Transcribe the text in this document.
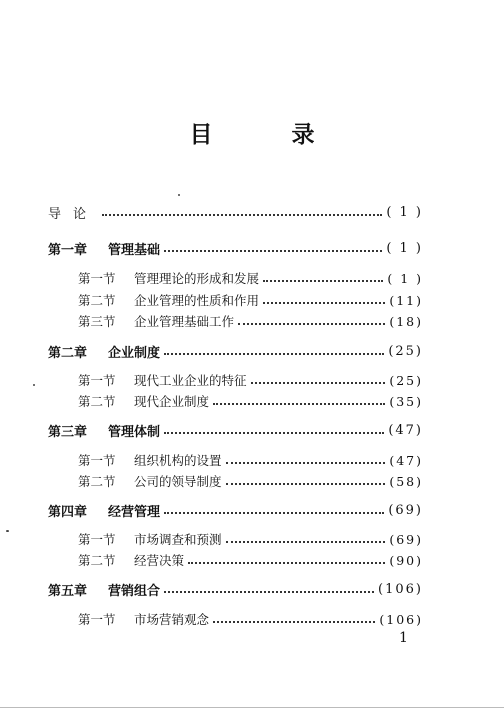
目　录
导论	( 1 )
第一章 管理基础	( 1 )
第一节 管理理论的形成和发展	( 1 )
第二节 企业管理的性质和作用	(11)
第三节 企业管理基础工作	(18)
第二章 企业制度	(25)
第一节 现代工业企业的特征	(25)
第二节 现代企业制度	(35)
第三章 管理体制	(47)
第一节 组织机构的设置	(47)
第二节 公司的领导制度	(58)
第四章 经营管理	(69)
第一节 市场调查和预测	(69)
第二节 经营决策	(90)
第五章 营销组合	(106)
第一节 市场营销观念	(106)
1
